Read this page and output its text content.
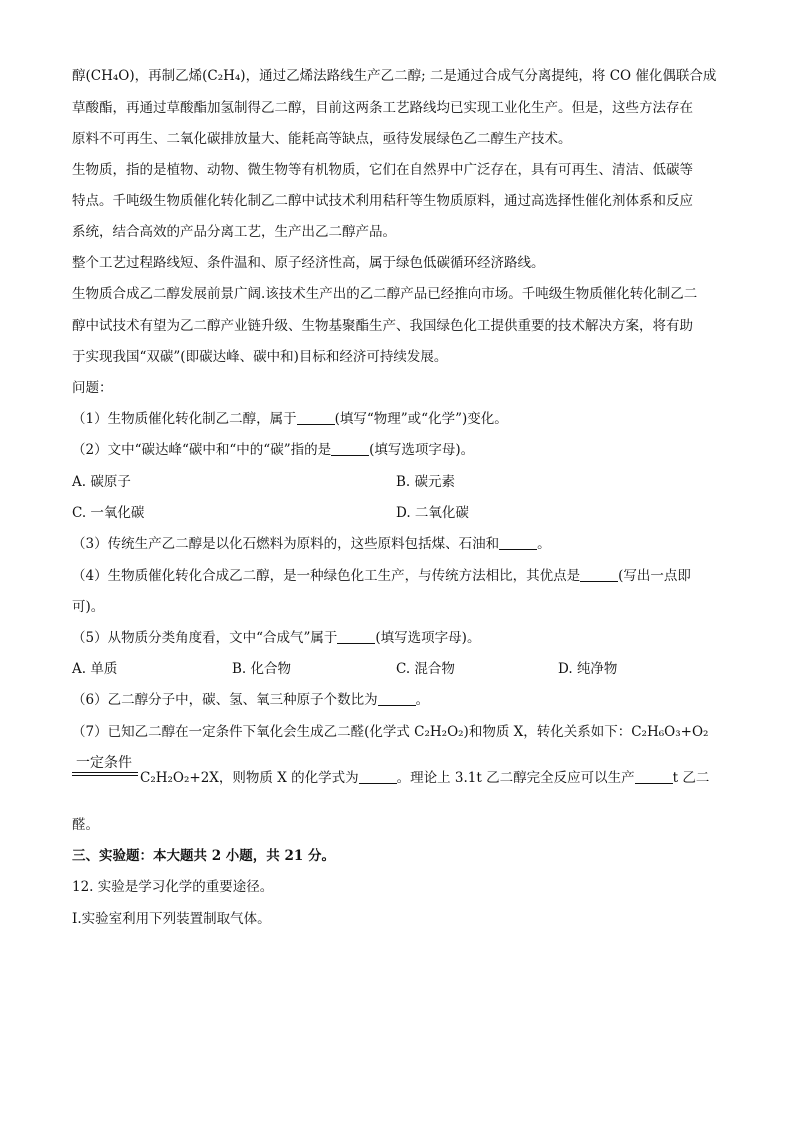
醇(CH₄O)，再制乙烯(C₂H₄)，通过乙烯法路线生产乙二醇; 二是通过合成气分离提纯，将 CO 催化偶联合成
草酸酯，再通过草酸酯加氢制得乙二醇，目前这两条工艺路线均已实现工业化生产。但是，这些方法存在
原料不可再生、二氧化碳排放量大、能耗高等缺点，亟待发展绿色乙二醇生产技术。
生物质，指的是植物、动物、微生物等有机物质，它们在自然界中广泛存在，具有可再生、清洁、低碳等
特点。千吨级生物质催化转化制乙二醇中试技术利用秸秆等生物质原料，通过高选择性催化剂体系和反应
系统，结合高效的产品分离工艺，生产出乙二醇产品。
整个工艺过程路线短、条件温和、原子经济性高，属于绿色低碳循环经济路线。
生物质合成乙二醇发展前景广阔.该技术生产出的乙二醇产品已经推向市场。千吨级生物质催化转化制乙二
醇中试技术有望为乙二醇产业链升级、生物基聚酯生产、我国绿色化工提供重要的技术解决方案，将有助
于实现我国“双碳”(即碳达峰、碳中和)目标和经济可持续发展。
问题：
（1）生物质催化转化制乙二醇，属于	(填写“物理”或“化学”)变化。
（2）文中“碳达峰“碳中和“中的“碳”指的是	(填写选项字母)。
A. 碳原子	B. 碳元素
C. 一氧化碳	D. 二氧化碳
（3）传统生产乙二醇是以化石燃料为原料的，这些原料包括煤、石油和	。
（4）生物质催化转化合成乙二醇，是一种绿色化工生产，与传统方法相比，其优点是	(写出一点即
可)。
（5）从物质分类角度看，文中“合成气”属于	(填写选项字母)。
A. 单质	B. 化合物	C. 混合物	D. 纯净物
（6）乙二醇分子中，碳、氢、氧三种原子个数比为	。
（7）已知乙二醇在一定条件下氧化会生成乙二醛(化学式 C₂H₂O₂)和物质 X，转化关系如下：C₂H₆O₃+O₂
一定条件
C₂H₂O₂+2X，则物质 X 的化学式为	。理论上 3.1t 乙二醇完全反应可以生产	t 乙二
醛。
三、实验题：本大题共 2 小题，共 21 分。
12. 实验是学习化学的重要途径。
I.实验室利用下列装置制取气体。
